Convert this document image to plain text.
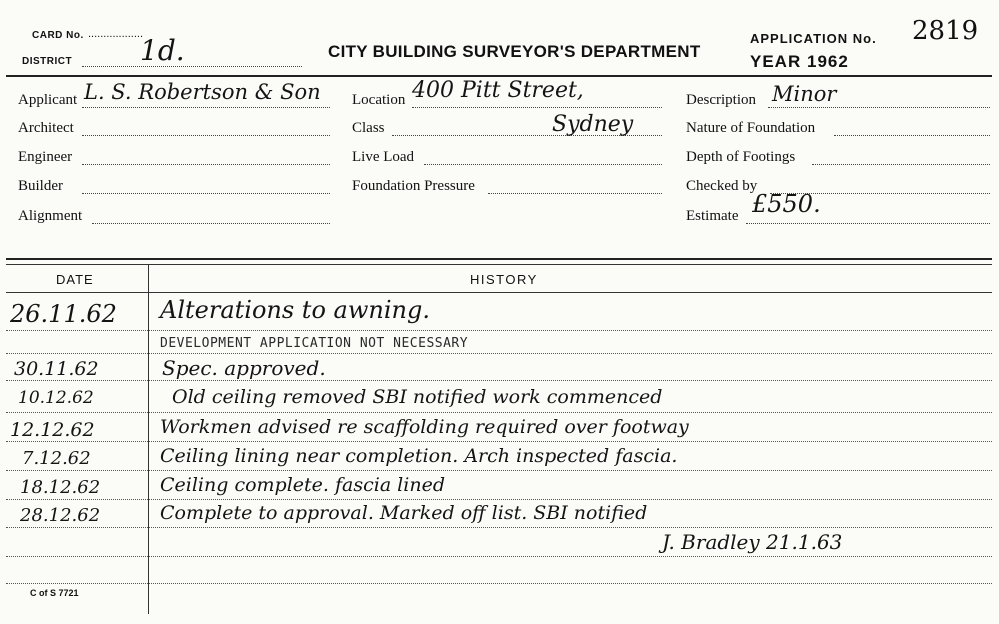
CARD No. ..................
DISTRICT 1d.	CITY BUILDING SURVEYOR'S DEPARTMENT
APPLICATION No. 2819
YEAR 1962
Applicant L. S. Robertson & Son
Architect
Engineer
Builder
Alignment
Location 400 Pitt Street,
Class	Sydney
Live Load
Foundation Pressure
Description Minor
Nature of Foundation
Depth of Footings
Checked by
Estimate £550.
DATE	HISTORY
26.11.62 Alterations to awning.
DEVELOPMENT APPLICATION NOT NECESSARY
30.11.62	Spec. approved.
10.12.62	Old ceiling removed SBI notified work commenced
12.12.62	Workmen advised re scaffolding required over footway
7.12.62	Ceiling lining near completion. Arch inspected fascia.
18.12.62	Ceiling complete. fascia lined
28.12.62	Complete to approval. Marked off list. SBI notified
J. Bradley 21.1.63
C of S 7721
